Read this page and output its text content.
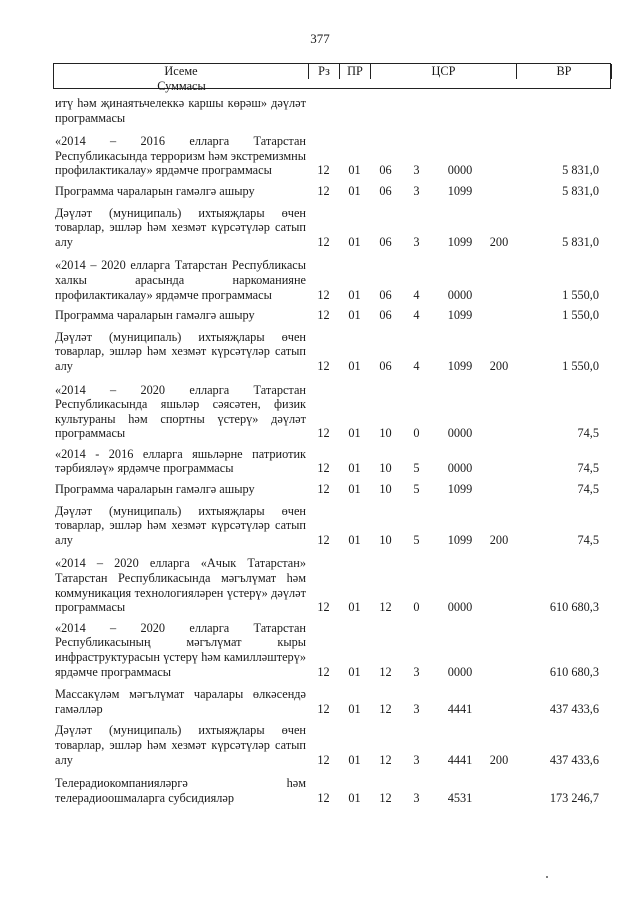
377
Исеме	Рз	ПР	ЦСР	ВР
Суммасы
итү һәм җинаятьчелеккә каршы көрәш» дәүләт программасы
«2014 – 2016 елларга Татарстан Республикасында терроризм һәм экстремизмны профилактикалау» ярдәмче программасы	12	01	06	3	0000	5 831,0
Программа чараларын гамәлгә ашыру	12	01	06	3	1099	5 831,0
Дәүләт (муниципаль) ихтыяҗлары өчен товарлар, эшләр һәм хезмәт күрсәтүләр сатып алу	12	01	06	3	1099	200	5 831,0
«2014 – 2020 елларга Татарстан Республикасы халкы арасында наркоманияне профилактикалау» ярдәмче программасы	12	01	06	4	0000	1 550,0
Программа чараларын гамәлгә ашыру	12	01	06	4	1099	1 550,0
Дәүләт (муниципаль) ихтыяҗлары өчен товарлар, эшләр һәм хезмәт күрсәтүләр сатып алу	12	01	06	4	1099	200	1 550,0
«2014 – 2020 елларга Татарстан Республикасында яшьләр сәясәтен, физик культураны һәм спортны үстерү» дәүләт программасы	12	01	10	0	0000	74,5
«2014 - 2016 елларга яшьләрне патриотик тәрбияләү» ярдәмче программасы	12	01	10	5	0000	74,5
Программа чараларын гамәлгә ашыру	12	01	10	5	1099	74,5
Дәүләт (муниципаль) ихтыяҗлары өчен товарлар, эшләр һәм хезмәт күрсәтүләр сатып алу	12	01	10	5	1099	200	74,5
«2014 – 2020 елларга «Ачык Татарстан» Татарстан Республикасында мәгълүмат һәм коммуникация технологияләрен үстерү» дәүләт программасы	12	01	12	0	0000	610 680,3
«2014 – 2020 елларга Татарстан Республикасының мәгълүмат кыры инфраструктурасын үстерү һәм камилләштерү» ярдәмче программасы	12	01	12	3	0000	610 680,3
Массакүләм мәгълүмат чаралары өлкәсендә гамәлләр	12	01	12	3	4441	437 433,6
Дәүләт (муниципаль) ихтыяҗлары өчен товарлар, эшләр һәм хезмәт күрсәтүләр сатып алу	12	01	12	3	4441	200	437 433,6
Телерадиокомпанияләргә һәм телерадиоошмаларга субсидияләр	12	01	12	3	4531	173 246,7
